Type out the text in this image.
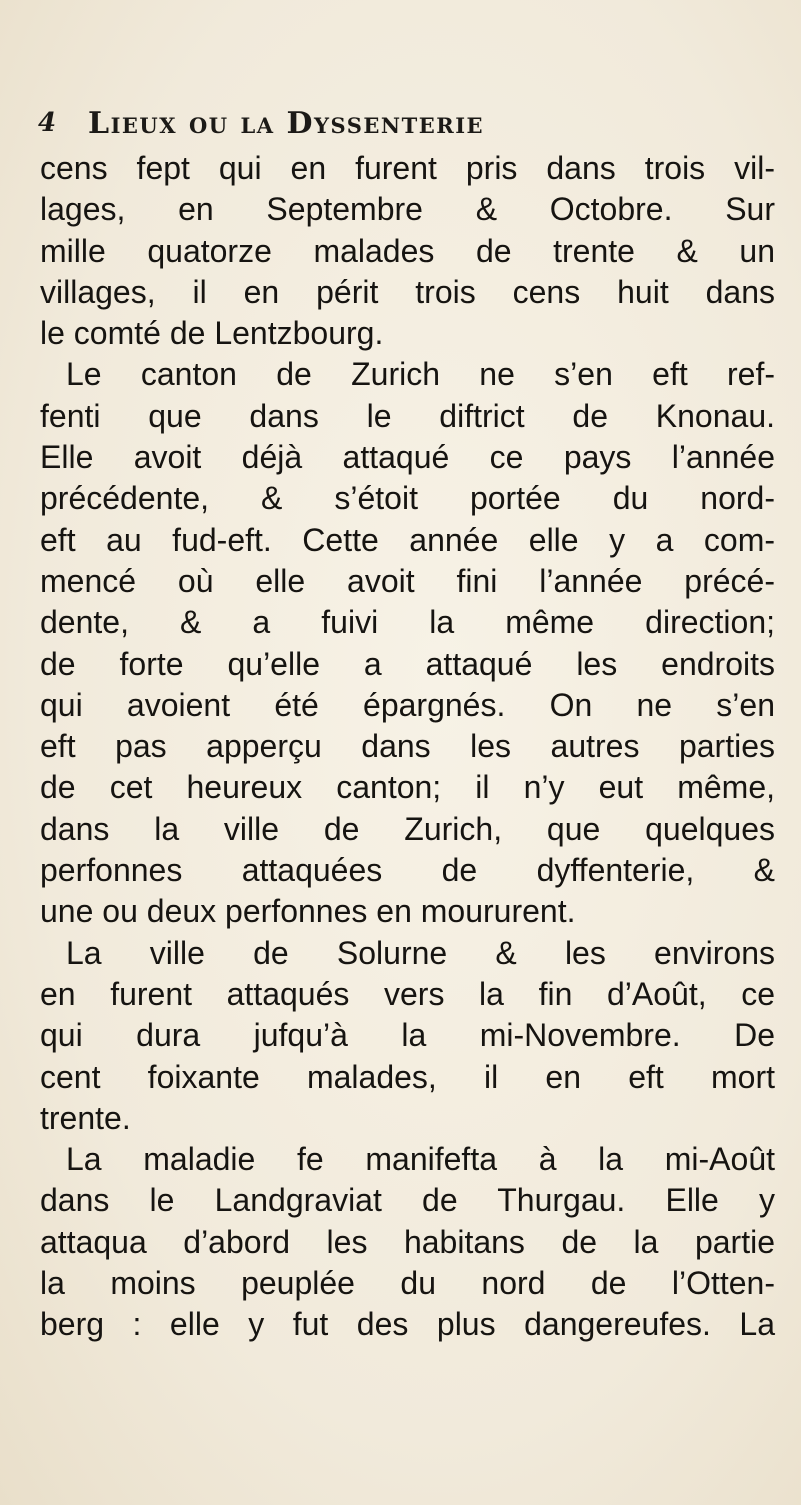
4 Lieux ou la Dyssenterie
cens fept qui en furent pris dans trois vil-
lages, en Septembre & Octobre. Sur
mille quatorze malades de trente & un
villages, il en périt trois cens huit dans
le comté de Lentzbourg.
Le canton de Zurich ne s’en eft ref-
fenti que dans le diftrict de Knonau.
Elle avoit déjà attaqué ce pays l’année
précédente, & s’étoit portée du nord-
eft au fud-eft. Cette année elle y a com-
mencé où elle avoit fini l’année précé-
dente, & a fuivi la même direction;
de forte qu’elle a attaqué les endroits
qui avoient été épargnés. On ne s’en
eft pas apperçu dans les autres parties
de cet heureux canton; il n’y eut même,
dans la ville de Zurich, que quelques
perfonnes attaquées de dyffenterie, &
une ou deux perfonnes en moururent.
La ville de Solurne & les environs
en furent attaqués vers la fin d’Août, ce
qui dura jufqu’à la mi-Novembre. De
cent foixante malades, il en eft mort
trente.
La maladie fe manifefta à la mi-Août
dans le Landgraviat de Thurgau. Elle y
attaqua d’abord les habitans de la partie
la moins peuplée du nord de l’Otten-
berg : elle y fut des plus dangereufes. La
